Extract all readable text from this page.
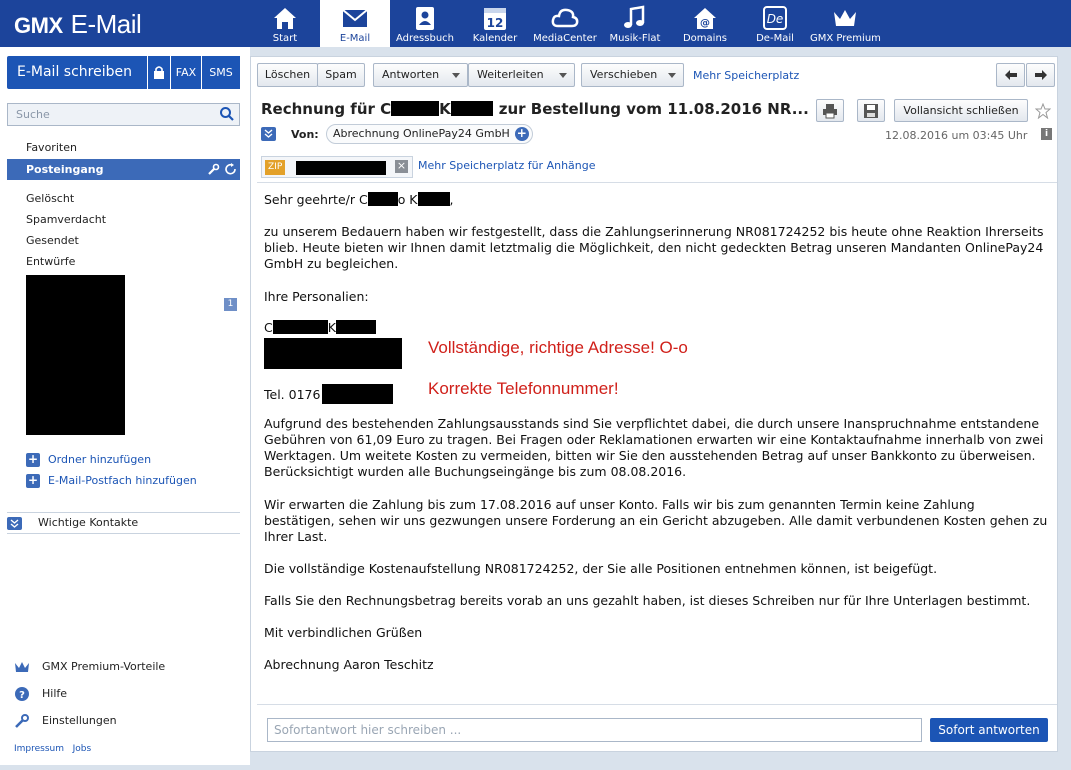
GMX E-Mail	Start	E-Mail	Adressbuch
12
Kalender	MediaCenter	Musik-Flat
@
Domains
De
De-Mail	GMX Premium
E-Mail schreiben	FAX	SMS
Suche
Favoriten
Posteingang
Gelöscht
Spamverdacht
Gesendet
Entwürfe
1
+ Ordner hinzufügen
+ E-Mail-Postfach hinzufügen
Wichtige Kontakte
GMX Premium-Vorteile
? Hilfe
Einstellungen
Impressum Jobs
Löschen	Spam	Antworten	Weiterleiten	Verschieben	Mehr Speicherplatz
Rechnung für C	K	zur Bestellung vom 11.08.2016 NR...	Vollansicht schließen
Von:	Abrechnung OnlinePay24 GmbH +	12.08.2016 um 03:45 Uhr	i
ZIP	× Mehr Speicherplatz für Anhänge

Sehr geehrte/r C o K	,

zu unserem Bedauern haben wir festgestellt, dass die Zahlungserinnerung NR081724252 bis heute ohne Reaktion Ihrerseits blieb. Heute bieten wir Ihnen damit letztmalig die Möglichkeit, den nicht gedeckten Betrag unseren Mandanten OnlinePay24 GmbH zu begleichen.

Ihre Personalien:

C	K

Vollständige, richtige Adresse! O-o

Tel. 0176	Korrekte Telefonnummer!

Aufgrund des bestehenden Zahlungsausstands sind Sie verpflichtet dabei, die durch unsere Inanspruchnahme entstandene Gebühren von 61,09 Euro zu tragen. Bei Fragen oder Reklamationen erwarten wir eine Kontaktaufnahme innerhalb von zwei Werktagen. Um weitete Kosten zu vermeiden, bitten wir Sie den ausstehenden Betrag auf unser Bankkonto zu überweisen. Berücksichtigt wurden alle Buchungseingänge bis zum 08.08.2016.

Wir erwarten die Zahlung bis zum 17.08.2016 auf unser Konto. Falls wir bis zum genannten Termin keine Zahlung bestätigen, sehen wir uns gezwungen unsere Forderung an ein Gericht abzugeben. Alle damit verbundenen Kosten gehen zu Ihrer Last.

Die vollständige Kostenaufstellung NR081724252, der Sie alle Positionen entnehmen können, ist beigefügt.

Falls Sie den Rechnungsbetrag bereits vorab an uns gezahlt haben, ist dieses Schreiben nur für Ihre Unterlagen bestimmt.

Mit verbindlichen Grüßen

Abrechnung Aaron Teschitz

Sofortantwort hier schreiben ...	Sofort antworten
